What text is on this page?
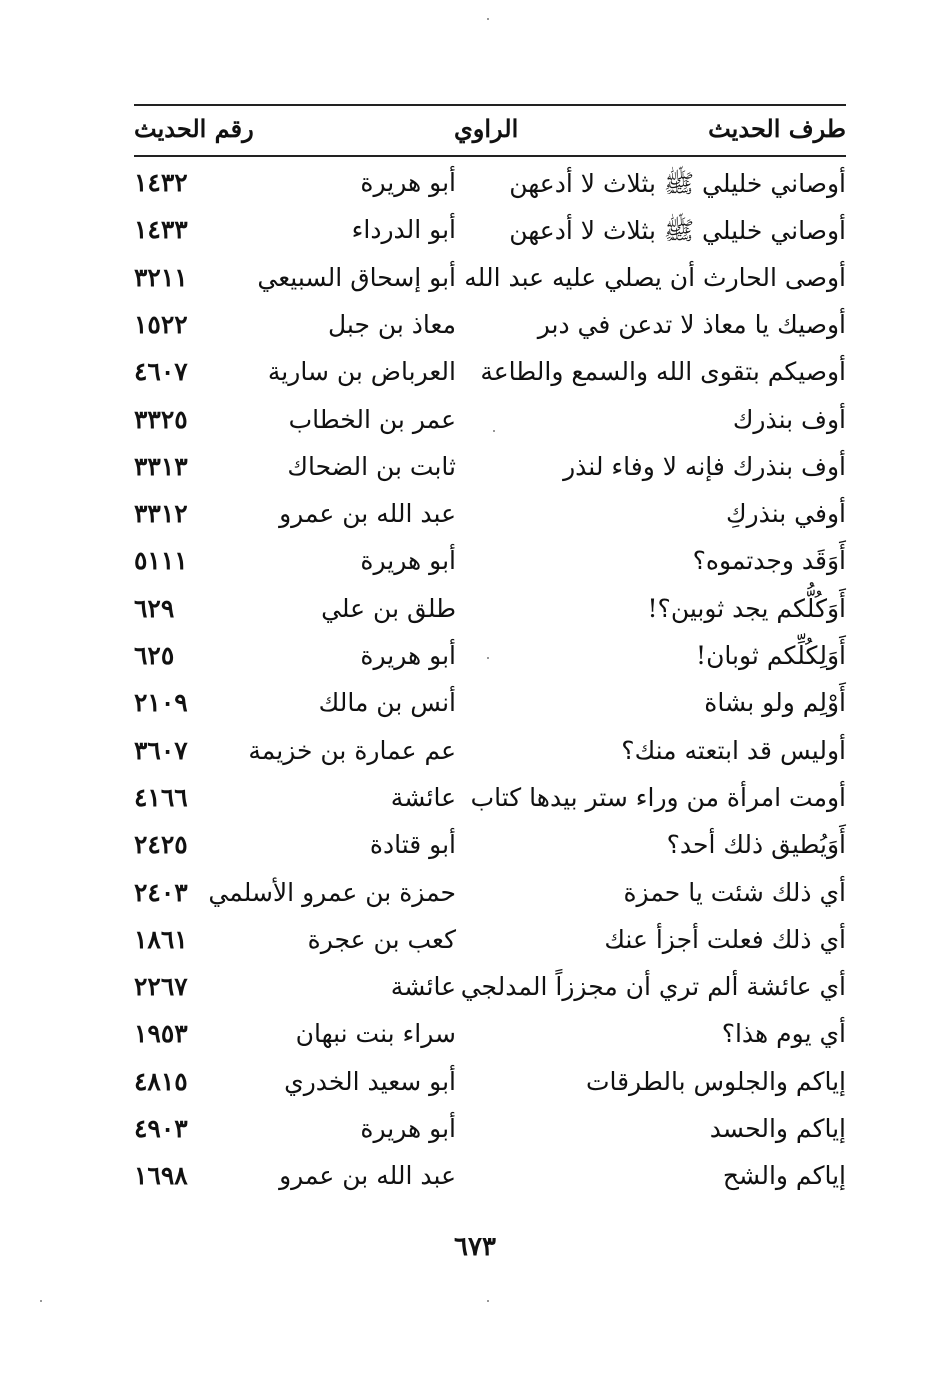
طرف الحديث
الراوي
رقم الحديث
أوصاني خليلي ﷺ بثلاث لا أدعهن
أبو هريرة
١٤٣٢
أوصاني خليلي ﷺ بثلاث لا أدعهن
أبو الدرداء
١٤٣٣
أوصى الحارث أن يصلي عليه عبد الله
أبو إسحاق السبيعي
٣٢١١
أوصيك يا معاذ لا تدعن في دبر
معاذ بن جبل
١٥٢٢
أوصيكم بتقوى الله والسمع والطاعة
العرباض بن سارية
٤٦٠٧
أوف بنذرك
عمر بن الخطاب
٣٣٢٥
أوف بنذرك فإنه لا وفاء لنذر
ثابت بن الضحاك
٣٣١٣
أوفي بنذركِ
عبد الله بن عمرو
٣٣١٢
أَوَقَد وجدتموه؟
أبو هريرة
٥١١١
أَوَكُلُّكم يجد ثوبين؟!
طلق بن علي
٦٢٩
أَوَلِكُلِّكم ثوبان!
أبو هريرة
٦٢٥
أَوْلِم ولو بشاة
أنس بن مالك
٢١٠٩
أوليس قد ابتعته منك؟
عم عمارة بن خزيمة
٣٦٠٧
أومت امرأة من وراء ستر بيدها كتاب
عائشة
٤١٦٦
أَوَيُطيق ذلك أحد؟
أبو قتادة
٢٤٢٥
أي ذلك شئت يا حمزة
حمزة بن عمرو الأسلمي
٢٤٠٣
أي ذلك فعلت أجزأ عنك
كعب بن عجرة
١٨٦١
أي عائشة ألم تري أن مجززاً المدلجي
عائشة
٢٢٦٧
أي يوم هذا؟
سراء بنت نبهان
١٩٥٣
إياكم والجلوس بالطرقات
أبو سعيد الخدري
٤٨١٥
إياكم والحسد
أبو هريرة
٤٩٠٣
إياكم والشح
عبد الله بن عمرو
١٦٩٨
٦٧٣
